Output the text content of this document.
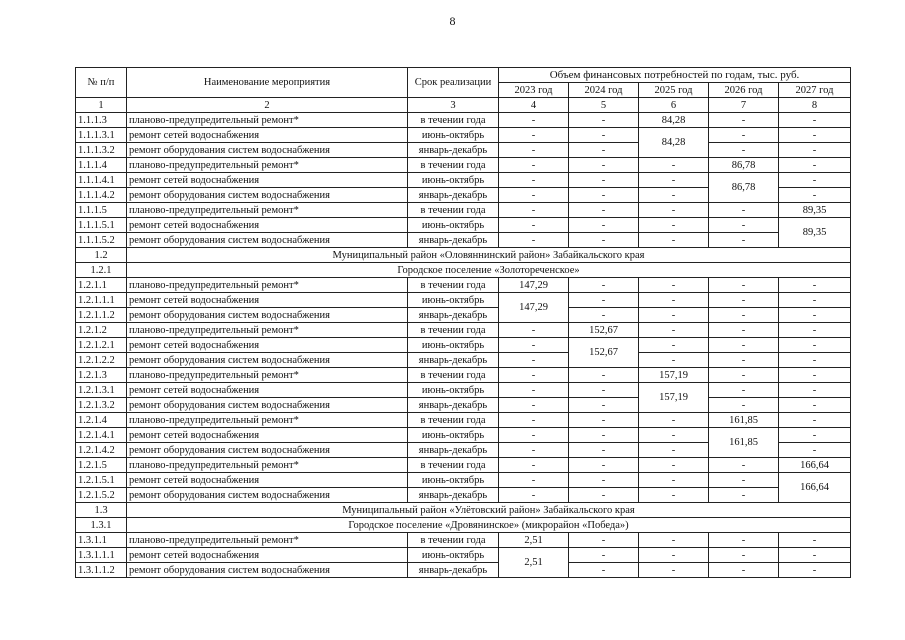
8
№ п/п	Наименование мероприятия	Срок реализации	Объем финансовых потребностей по годам, тыс. руб.				
			2023 год	2024 год	2025 год	2026 год	2027 год
1	2	3	4	5	6	7	8
1.1.1.3	планово-предупредительный ремонт*	в течении года	-	-	84,28	-	-
1.1.1.3.1	ремонт сетей водоснабжения	июнь-октябрь	-	-	84,28	-	-
1.1.1.3.2	ремонт оборудования систем водоснабжения	январь-декабрь	-	-		-	-
1.1.1.4	планово-предупредительный ремонт*	в течении года	-	-	-	86,78	-
1.1.1.4.1	ремонт сетей водоснабжения	июнь-октябрь	-	-	-	86,78	-
1.1.1.4.2	ремонт оборудования систем водоснабжения	январь-декабрь	-	-	-		-
1.1.1.5	планово-предупредительный ремонт*	в течении года	-	-	-	-	89,35
1.1.1.5.1	ремонт сетей водоснабжения	июнь-октябрь	-	-	-	-	89,35
1.1.1.5.2	ремонт оборудования систем водоснабжения	январь-декабрь	-	-	-	-	
1.2	Муниципальный район «Оловяннинский район» Забайкальского края						
1.2.1	Городское поселение «Золотореченское»						
1.2.1.1	планово-предупредительный ремонт*	в течении года	147,29	-	-	-	-
1.2.1.1.1	ремонт сетей водоснабжения	июнь-октябрь	147,29	-	-	-	-
1.2.1.1.2	ремонт оборудования систем водоснабжения	январь-декабрь		-	-	-	-
1.2.1.2	планово-предупредительный ремонт*	в течении года	-	152,67	-	-	-
1.2.1.2.1	ремонт сетей водоснабжения	июнь-октябрь	-	152,67	-	-	-
1.2.1.2.2	ремонт оборудования систем водоснабжения	январь-декабрь	-		-	-	-
1.2.1.3	планово-предупредительный ремонт*	в течении года	-	-	157,19	-	-
1.2.1.3.1	ремонт сетей водоснабжения	июнь-октябрь	-	-	157,19	-	-
1.2.1.3.2	ремонт оборудования систем водоснабжения	январь-декабрь	-	-		-	-
1.2.1.4	планово-предупредительный ремонт*	в течении года	-	-	-	161,85	-
1.2.1.4.1	ремонт сетей водоснабжения	июнь-октябрь	-	-	-	161,85	-
1.2.1.4.2	ремонт оборудования систем водоснабжения	январь-декабрь	-	-	-		-
1.2.1.5	планово-предупредительный ремонт*	в течении года	-	-	-	-	166,64
1.2.1.5.1	ремонт сетей водоснабжения	июнь-октябрь	-	-	-	-	166,64
1.2.1.5.2	ремонт оборудования систем водоснабжения	январь-декабрь	-	-	-	-	
1.3	Муниципальный район «Улётовский район» Забайкальского края						
1.3.1	Городское поселение «Дровянинское» (микрорайон «Победа»)						
1.3.1.1	планово-предупредительный ремонт*	в течении года	2,51	-	-	-	-
1.3.1.1.1	ремонт сетей водоснабжения	июнь-октябрь	2,51	-	-	-	-
1.3.1.1.2	ремонт оборудования систем водоснабжения	январь-декабрь		-	-	-	-
